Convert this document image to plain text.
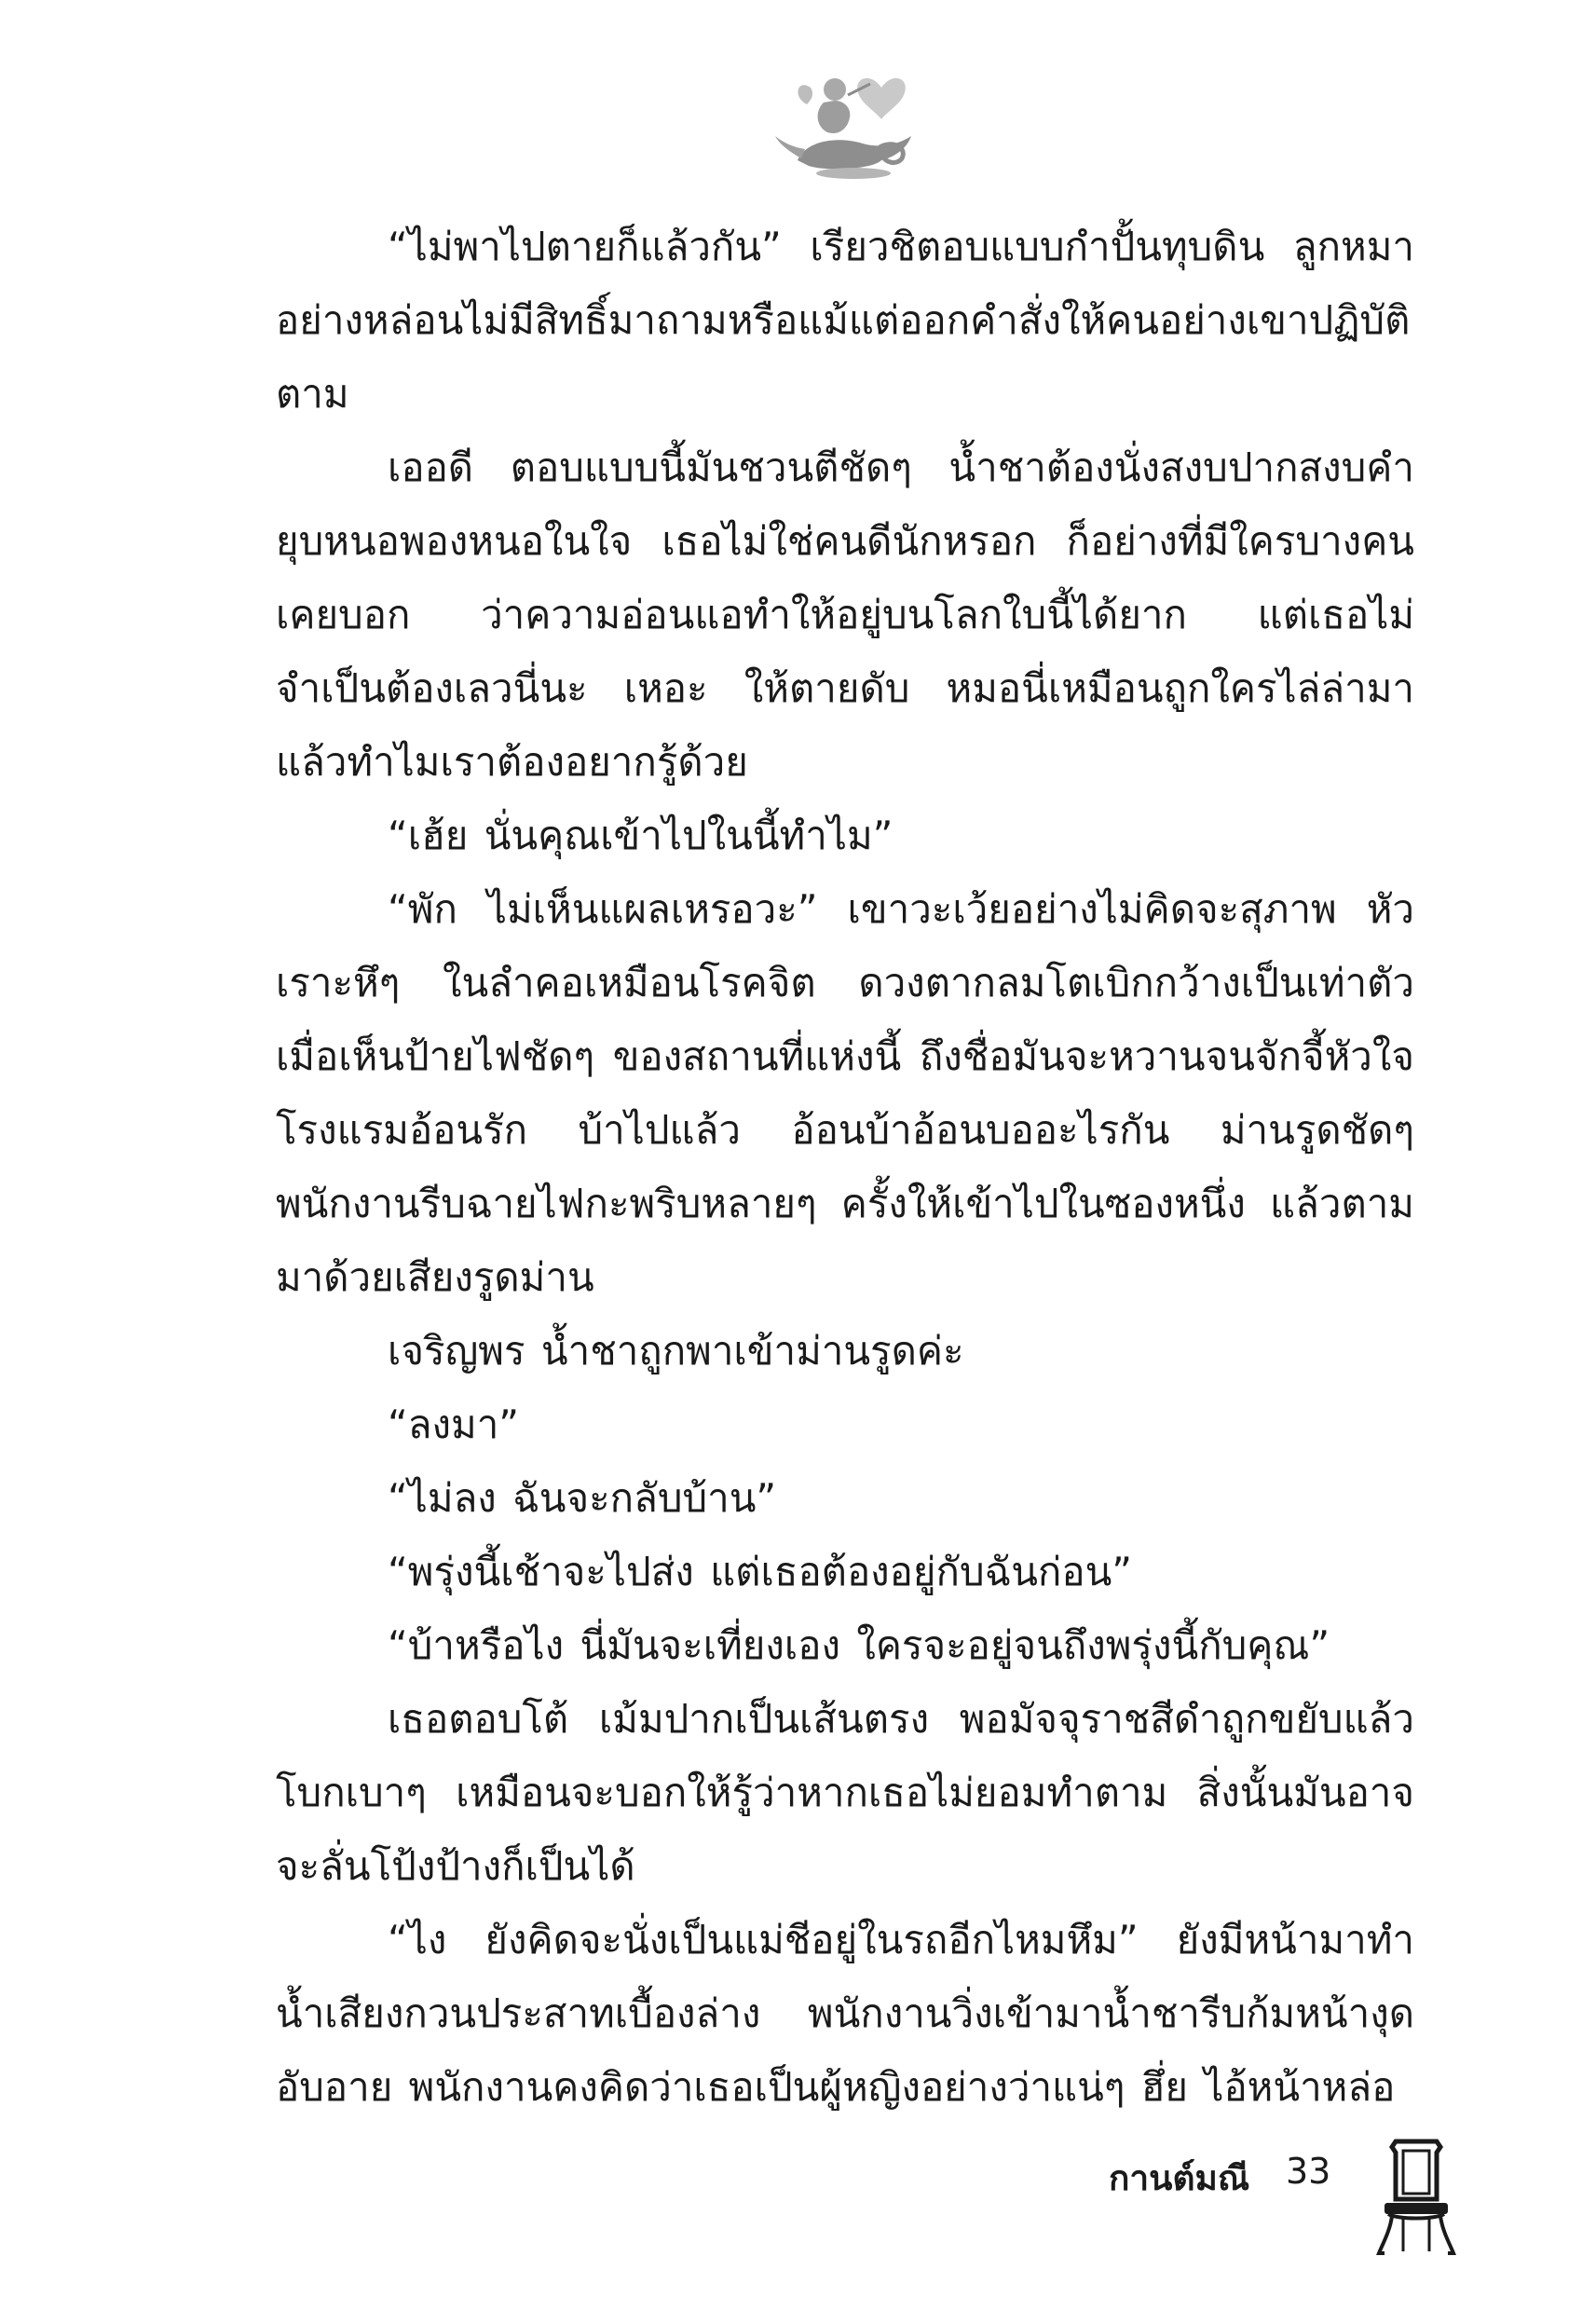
“ไม่พาไปตายก็แล้วกัน” เรียวชิตอบแบบกำปั้นทุบดิน ลูกหมาอย่างหล่อนไม่มีสิทธิ์มาถามหรือแม้แต่ออกคำสั่งให้คนอย่างเขาปฏิบัติตาม

เออดี ตอบแบบนี้มันชวนตีชัดๆ น้ำชาต้องนั่งสงบปากสงบคำยุบหนอพองหนอในใจ เธอไม่ใช่คนดีนักหรอก ก็อย่างที่มีใครบางคนเคยบอก ว่าความอ่อนแอทำให้อยู่บนโลกใบนี้ได้ยาก แต่เธอไม่จำเป็นต้องเลวนี่นะ เหอะ ให้ตายดับ หมอนี่เหมือนถูกใครไล่ล่ามาแล้วทำไมเราต้องอยากรู้ด้วย

“เฮ้ย นั่นคุณเข้าไปในนี้ทำไม”

“พัก ไม่เห็นแผลเหรอวะ” เขาวะเว้ยอย่างไม่คิดจะสุภาพ หัวเราะหึๆ ในลำคอเหมือนโรคจิต ดวงตากลมโตเบิกกว้างเป็นเท่าตัว เมื่อเห็นป้ายไฟชัดๆ ของสถานที่แห่งนี้ ถึงชื่อมันจะหวานจนจักจี้หัวใจ โรงแรมอ้อนรัก บ้าไปแล้ว อ้อนบ้าอ้อนบออะไรกัน ม่านรูดชัดๆ พนักงานรีบฉายไฟกะพริบหลายๆ ครั้งให้เข้าไปในซองหนึ่ง แล้วตามมาด้วยเสียงรูดม่าน

เจริญพร น้ำชาถูกพาเข้าม่านรูดค่ะ

“ลงมา”

“ไม่ลง ฉันจะกลับบ้าน”

“พรุ่งนี้เช้าจะไปส่ง แต่เธอต้องอยู่กับฉันก่อน”

“บ้าหรือไง นี่มันจะเที่ยงเอง ใครจะอยู่จนถึงพรุ่งนี้กับคุณ”

เธอตอบโต้ เม้มปากเป็นเส้นตรง พอมัจจุราชสีดำถูกขยับแล้วโบกเบาๆ เหมือนจะบอกให้รู้ว่าหากเธอไม่ยอมทำตาม สิ่งนั้นมันอาจจะลั่นโป้งป้างก็เป็นได้

“ไง ยังคิดจะนั่งเป็นแม่ชีอยู่ในรถอีกไหมหึม” ยังมีหน้ามาทำน้ำเสียงกวนประสาทเบื้องล่าง พนักงานวิ่งเข้ามาน้ำชารีบก้มหน้างุดอับอาย พนักงานคงคิดว่าเธอเป็นผู้หญิงอย่างว่าแน่ๆ ฮึ่ย ไอ้หน้าหล่อ

กานต์มณี 33
